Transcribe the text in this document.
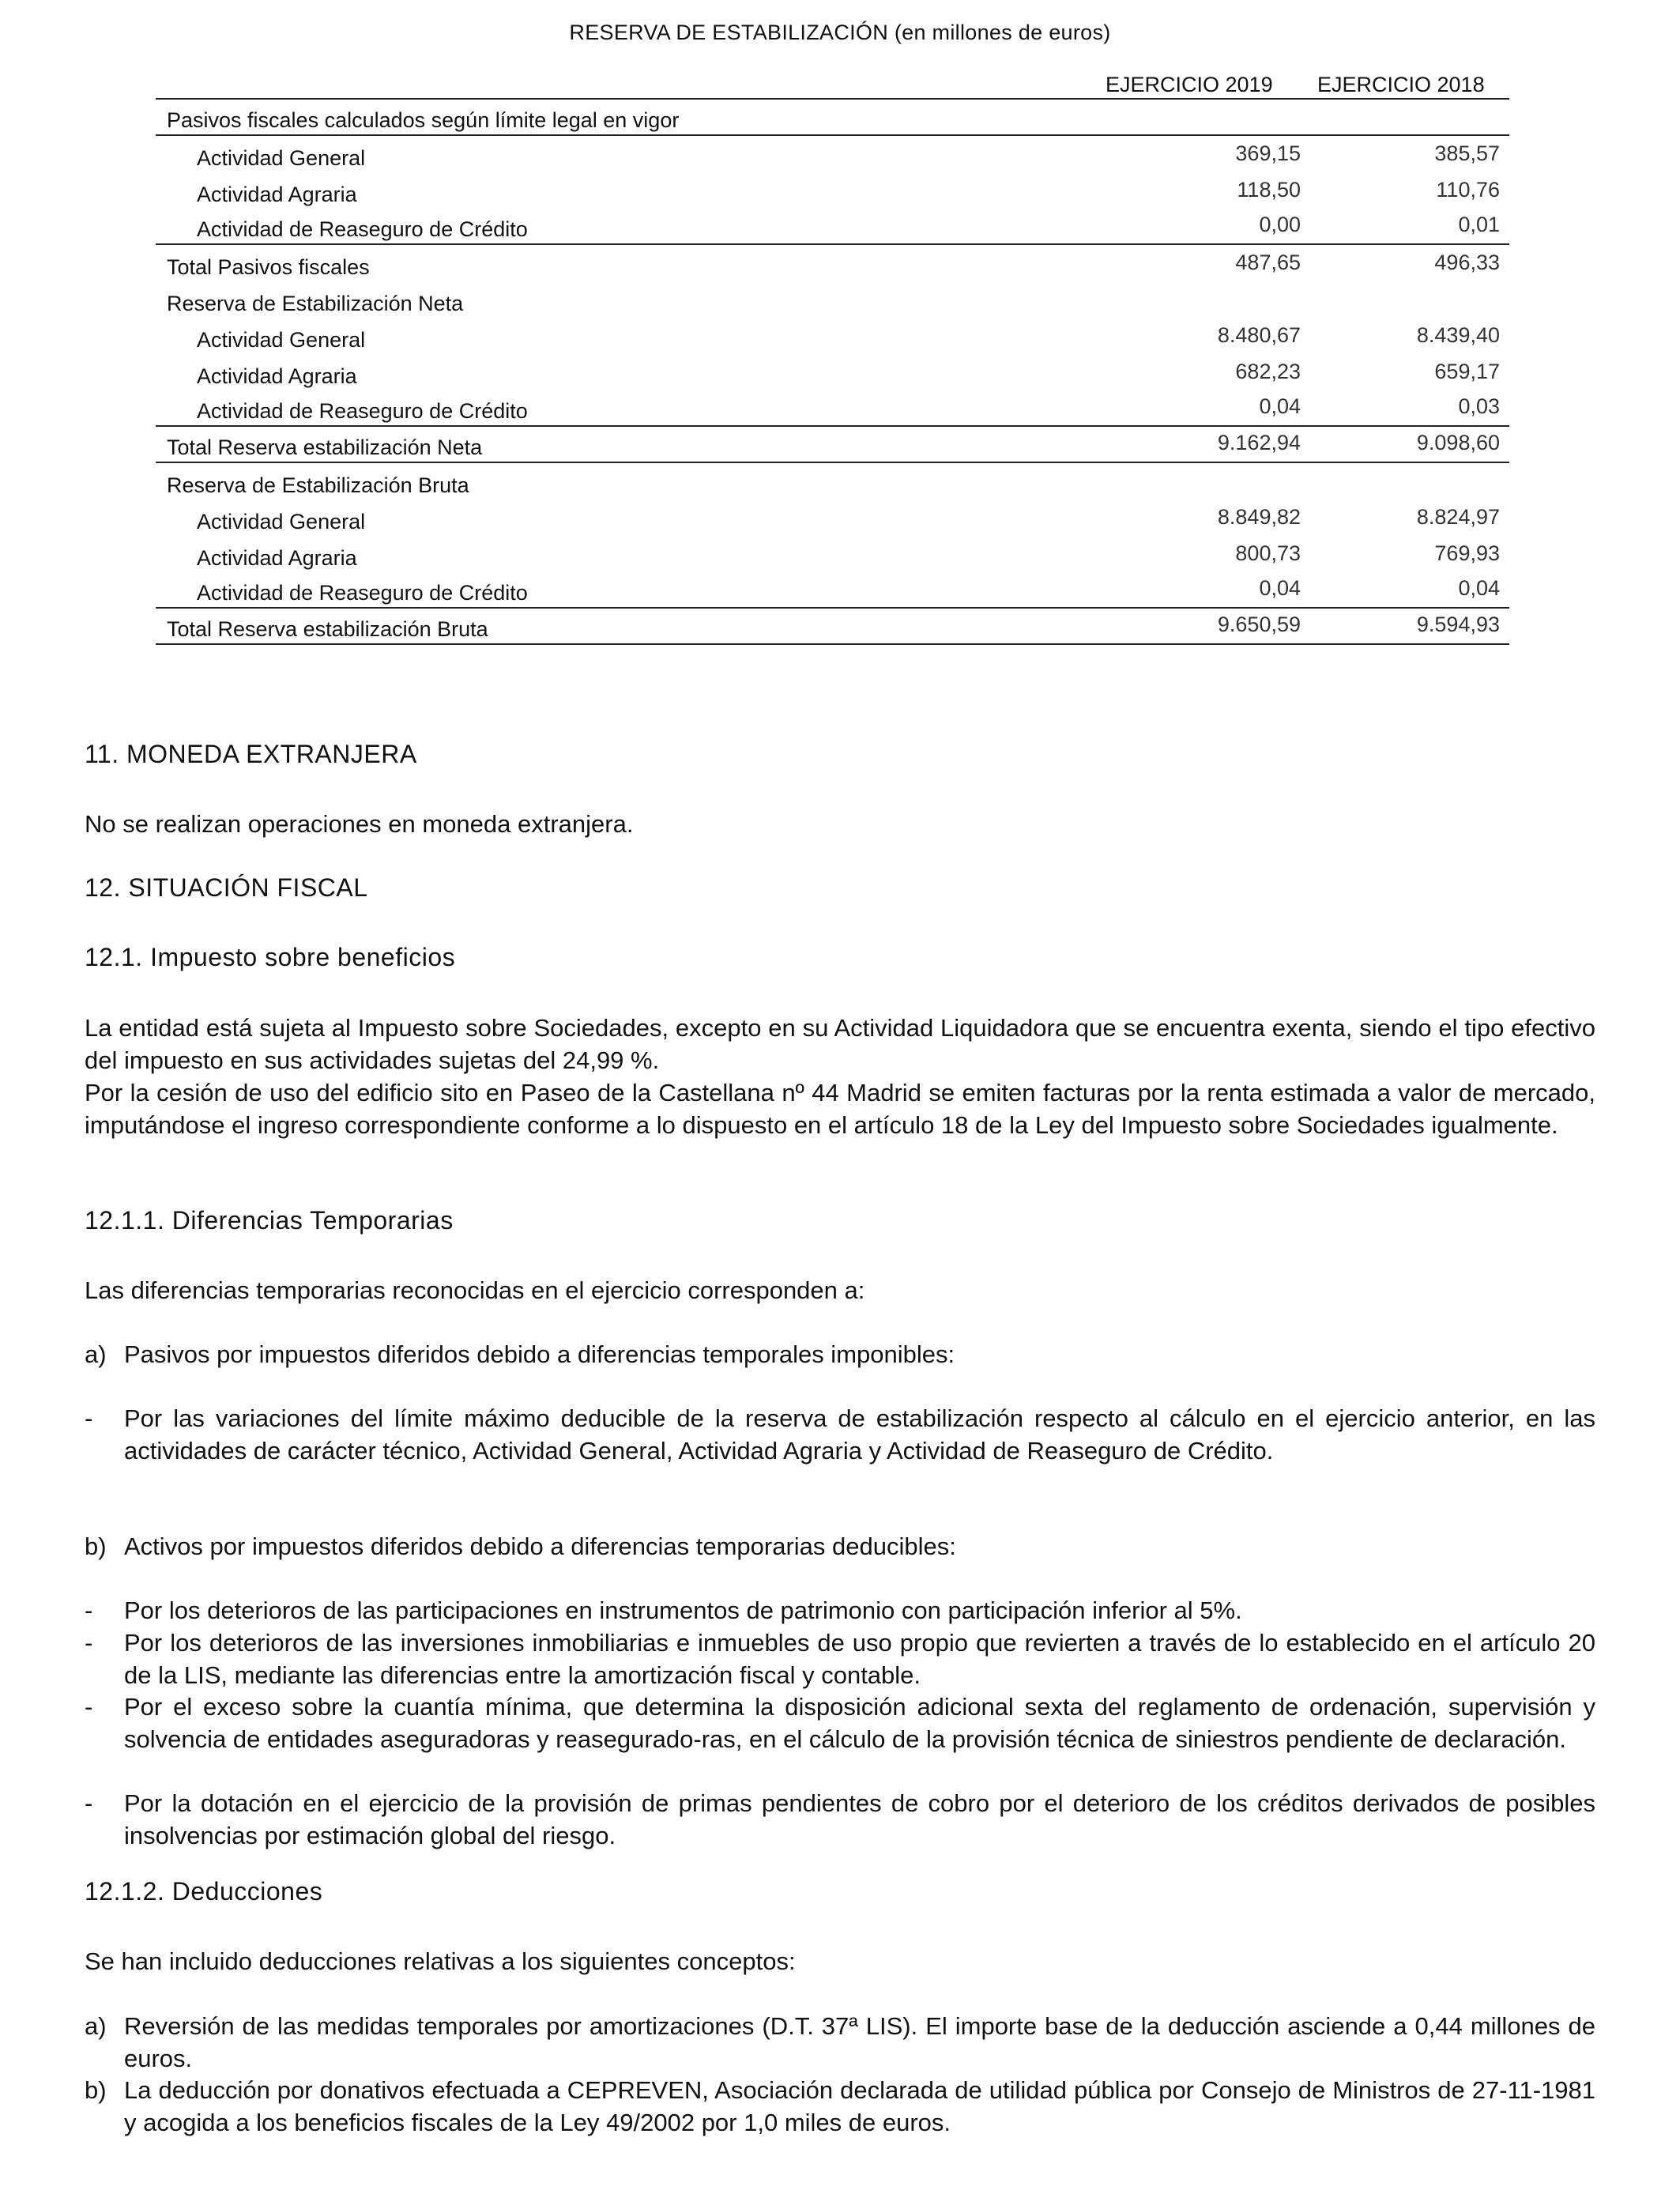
RESERVA DE ESTABILIZACIÓN (en millones de euros)
EJERCICIO 2019 EJERCICIO 2018
Pasivos fiscales calculados según límite legal en vigor
Actividad General	369,15	385,57
Actividad Agraria	118,50	110,76
Actividad de Reaseguro de Crédito	0,00	0,01
Total Pasivos fiscales	487,65	496,33
Reserva de Estabilización Neta
Actividad General	8.480,67	8.439,40
Actividad Agraria	682,23	659,17
Actividad de Reaseguro de Crédito	0,04	0,03
Total Reserva estabilización Neta	9.162,94	9.098,60
Reserva de Estabilización Bruta
Actividad General	8.849,82	8.824,97
Actividad Agraria	800,73	769,93
Actividad de Reaseguro de Crédito	0,04	0,04
Total Reserva estabilización Bruta	9.650,59	9.594,93
11. MONEDA EXTRANJERA
No se realizan operaciones en moneda extranjera.
12. SITUACIÓN FISCAL
12.1. Impuesto sobre beneficios
La entidad está sujeta al Impuesto sobre Sociedades, excepto en su Actividad Liquidadora que se encuentra exenta, siendo el tipo efectivo del impuesto en sus actividades sujetas del 24,99 %.
Por la cesión de uso del edificio sito en Paseo de la Castellana nº 44 Madrid se emiten facturas por la renta estimada a valor de mercado, imputándose el ingreso correspondiente conforme a lo dispuesto en el artículo 18 de la Ley del Impuesto sobre Sociedades igualmente.
12.1.1. Diferencias Temporarias
Las diferencias temporarias reconocidas en el ejercicio corresponden a:
a) Pasivos por impuestos diferidos debido a diferencias temporales imponibles:
- Por las variaciones del límite máximo deducible de la reserva de estabilización respecto al cálculo en el ejercicio anterior, en las actividades de carácter técnico, Actividad General, Actividad Agraria y Actividad de Reaseguro de Crédito.
b) Activos por impuestos diferidos debido a diferencias temporarias deducibles:
- Por los deterioros de las participaciones en instrumentos de patrimonio con participación inferior al 5%.
- Por los deterioros de las inversiones inmobiliarias e inmuebles de uso propio que revierten a través de lo establecido en el artículo 20 de la LIS, mediante las diferencias entre la amortización fiscal y contable.
- Por el exceso sobre la cuantía mínima, que determina la disposición adicional sexta del reglamento de ordenación, supervisión y solvencia de entidades aseguradoras y reasegurado-ras, en el cálculo de la provisión técnica de siniestros pendiente de declaración.
- Por la dotación en el ejercicio de la provisión de primas pendientes de cobro por el deterioro de los créditos derivados de posibles insolvencias por estimación global del riesgo.
12.1.2. Deducciones
Se han incluido deducciones relativas a los siguientes conceptos:
a) Reversión de las medidas temporales por amortizaciones (D.T. 37ª LIS). El importe base de la deducción asciende a 0,44 millones de euros.
b) La deducción por donativos efectuada a CEPREVEN, Asociación declarada de utilidad pública por Consejo de Ministros de 27-11-1981 y acogida a los beneficios fiscales de la Ley 49/2002 por 1,0 miles de euros.
